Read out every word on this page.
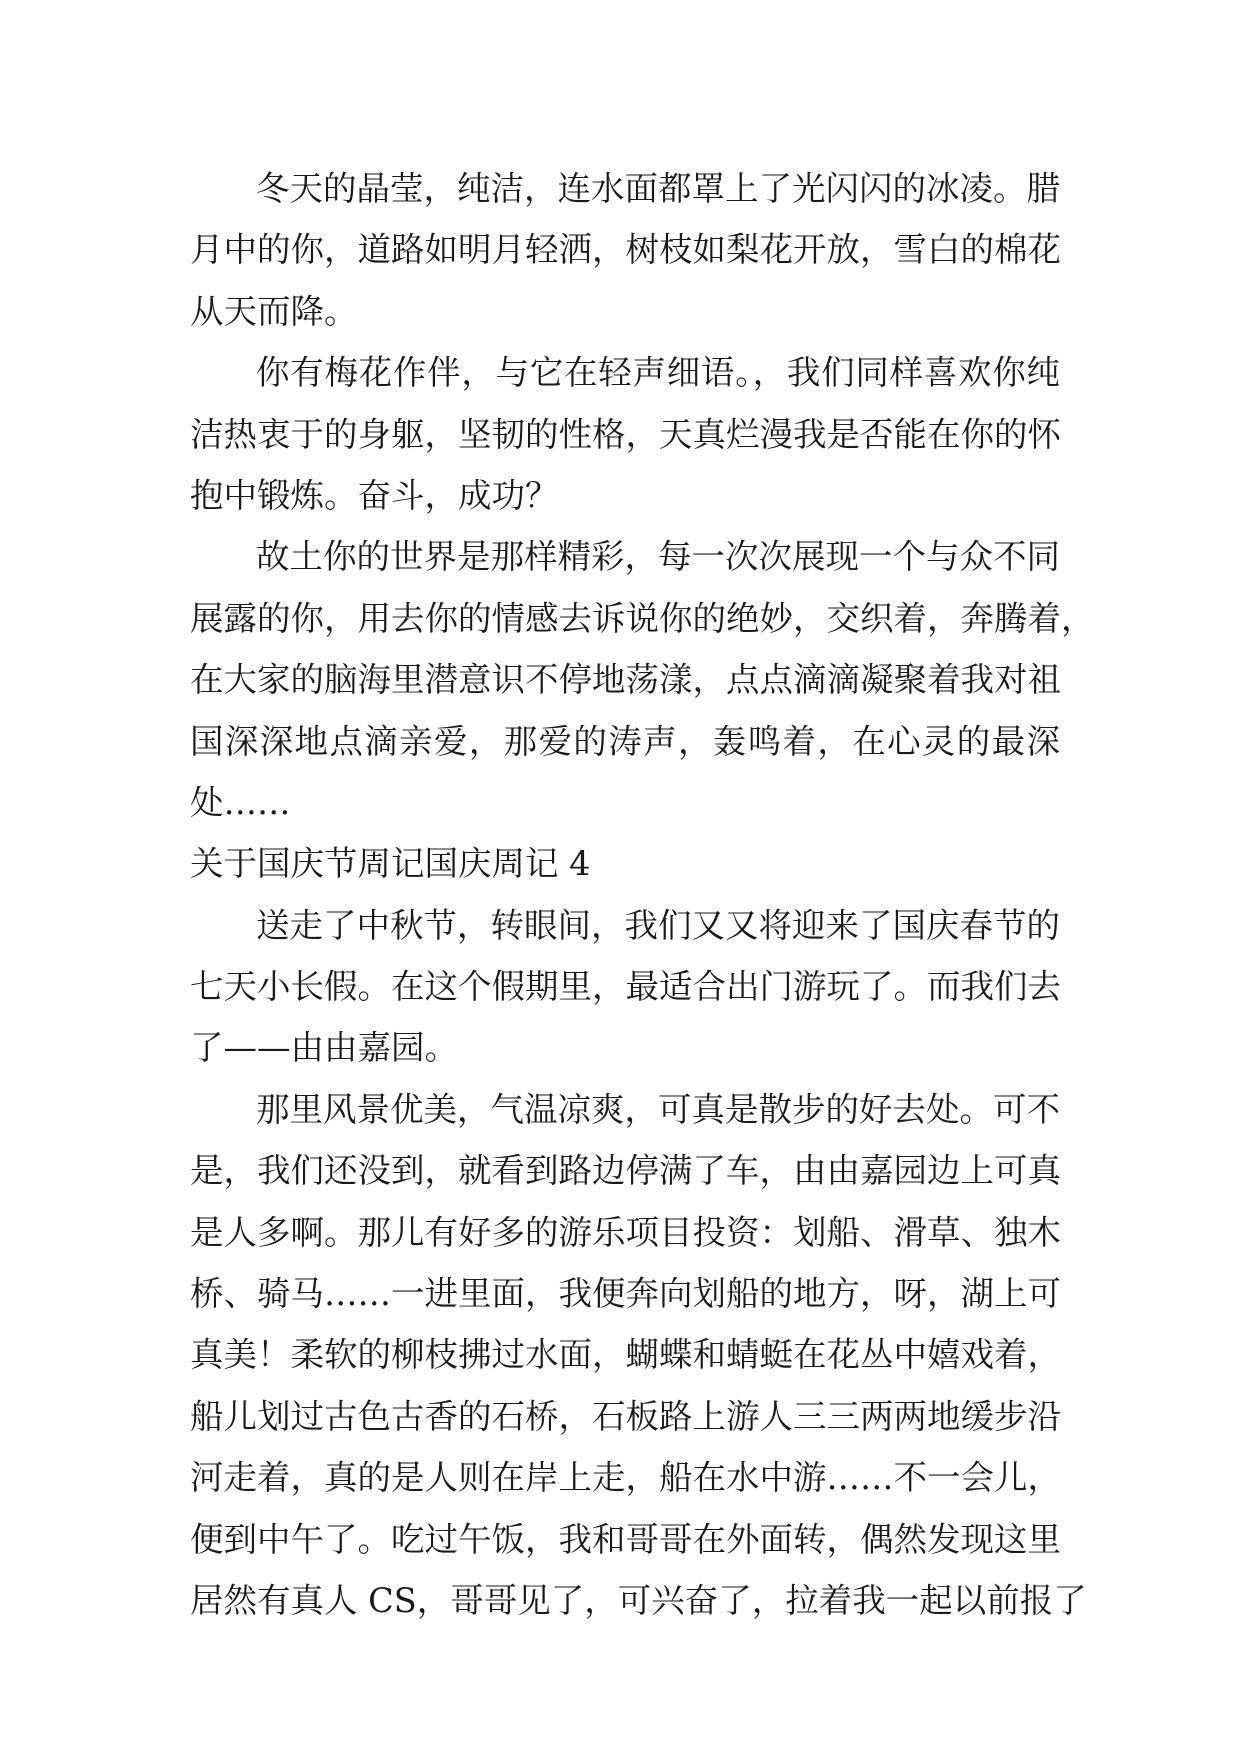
冬天的晶莹，纯洁，连水面都罩上了光闪闪的冰凌。腊
月中的你，道路如明月轻洒，树枝如梨花开放，雪白的棉花
从天而降。
你有梅花作伴，与它在轻声细语。，我们同样喜欢你纯
洁热衷于的身躯，坚韧的性格，天真烂漫我是否能在你的怀
抱中锻炼。奋斗，成功？
故土你的世界是那样精彩，每一次次展现一个与众不同
展露的你，用去你的情感去诉说你的绝妙，交织着，奔腾着，
在大家的脑海里潜意识不停地荡漾，点点滴滴凝聚着我对祖
国深深地点滴亲爱，那爱的涛声，轰鸣着，在心灵的最深
处……
关于国庆节周记国庆周记 4
送走了中秋节，转眼间，我们又又将迎来了国庆春节的
七天小长假。在这个假期里，最适合出门游玩了。而我们去
了——由由嘉园。
那里风景优美，气温凉爽，可真是散步的好去处。可不
是，我们还没到，就看到路边停满了车，由由嘉园边上可真
是人多啊。那儿有好多的游乐项目投资：划船、滑草、独木
桥、骑马……一进里面，我便奔向划船的地方，呀，湖上可
真美！柔软的柳枝拂过水面，蝴蝶和蜻蜓在花丛中嬉戏着，
船儿划过古色古香的石桥，石板路上游人三三两两地缓步沿
河走着，真的是人则在岸上走，船在水中游……不一会儿，
便到中午了。吃过午饭，我和哥哥在外面转，偶然发现这里
居然有真人 CS，哥哥见了，可兴奋了，拉着我一起以前报了
